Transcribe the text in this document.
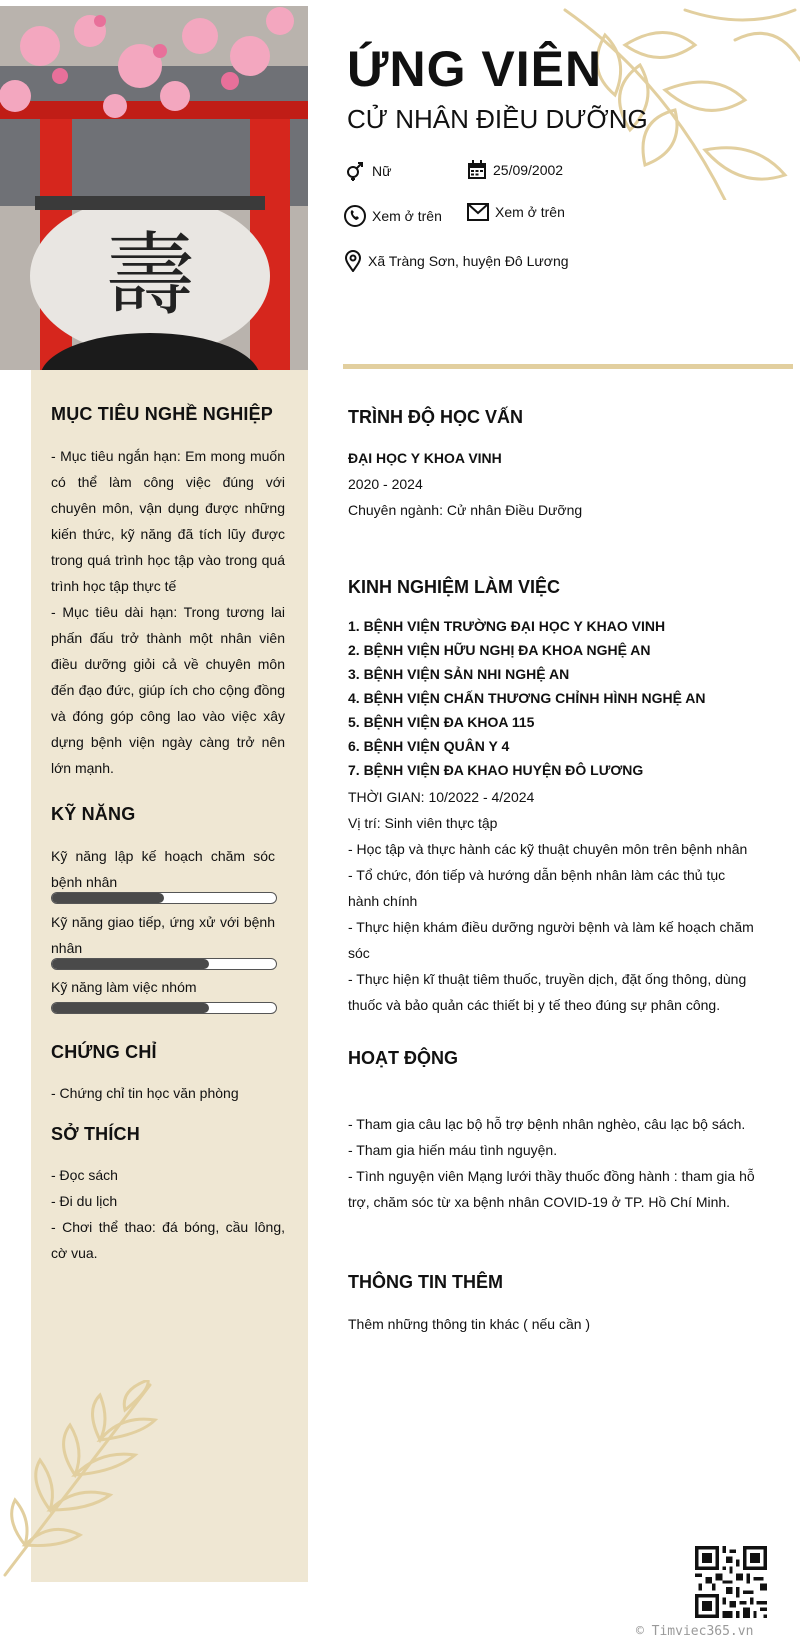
壽
ỨNG VIÊN
CỬ NHÂN ĐIỀU DƯỠNG
Nữ	25/09/2002
Xem ở trên	Xem ở trên
Xã Tràng Sơn, huyện Đô Lương
MỤC TIÊU NGHỀ NGHIỆP
- Mục tiêu ngắn hạn: Em mong muốn có thể làm công việc đúng với chuyên môn, vận dụng được những kiến thức, kỹ năng đã tích lũy được trong quá trình học tập vào trong quá trình học tập thực tế
- Mục tiêu dài hạn: Trong tương lai phấn đấu trở thành một nhân viên điều dưỡng giỏi cả về chuyên môn đến đạo đức, giúp ích cho cộng đồng và đóng góp công lao vào việc xây dựng bệnh viện ngày càng trở nên lớn mạnh.
KỸ NĂNG
Kỹ năng lập kế hoạch chăm sóc bệnh nhân
Kỹ năng giao tiếp, ứng xử với bệnh nhân
Kỹ năng làm việc nhóm
CHỨNG CHỈ
- Chứng chỉ tin học văn phòng
SỞ THÍCH
- Đọc sách
- Đi du lịch
- Chơi thể thao: đá bóng, cầu lông, cờ vua.
TRÌNH ĐỘ HỌC VẤN
ĐẠI HỌC Y KHOA VINH
2020 - 2024
Chuyên ngành: Cử nhân Điều Dưỡng
KINH NGHIỆM LÀM VIỆC
1. BỆNH VIỆN TRƯỜNG ĐẠI HỌC Y KHAO VINH
2. BỆNH VIỆN HỮU NGHỊ ĐA KHOA NGHỆ AN
3. BỆNH VIỆN SẢN NHI NGHỆ AN
4. BỆNH VIỆN CHẤN THƯƠNG CHỈNH HÌNH NGHỆ AN
5. BỆNH VIỆN ĐA KHOA 115
6. BỆNH VIỆN QUÂN Y 4
7. BỆNH VIỆN ĐA KHAO HUYỆN ĐÔ LƯƠNG
THỜI GIAN: 10/2022 - 4/2024
Vị trí: Sinh viên thực tập
- Học tập và thực hành các kỹ thuật chuyên môn trên bệnh nhân
- Tổ chức, đón tiếp và hướng dẫn bệnh nhân làm các thủ tục hành chính
- Thực hiện khám điều dưỡng người bệnh và làm kế hoạch chăm sóc
- Thực hiện kĩ thuật tiêm thuốc, truyền dịch, đặt ống thông, dùng thuốc và bảo quản các thiết bị y tế theo đúng sự phân công.
HOẠT ĐỘNG
- Tham gia câu lạc bộ hỗ trợ bệnh nhân nghèo, câu lạc bộ sách.
- Tham gia hiến máu tình nguyện.
- Tình nguyện viên Mạng lưới thầy thuốc đồng hành : tham gia hỗ trợ, chăm sóc từ xa bệnh nhân COVID-19 ở TP. Hồ Chí Minh.
THÔNG TIN THÊM
Thêm những thông tin khác ( nếu cần )
© Timviec365.vn
